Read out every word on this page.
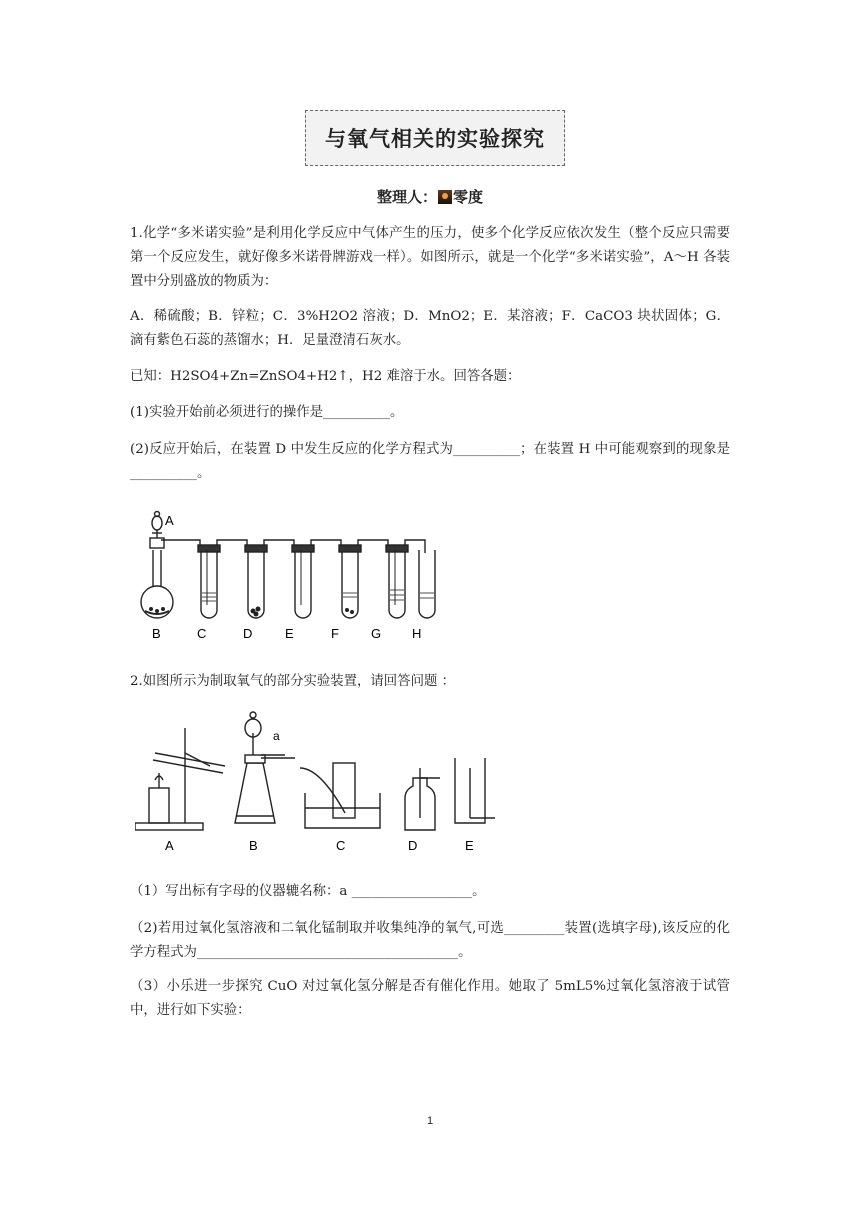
与氧气相关的实验探究
整理人： 零度
1.化学“多米诺实验”是利用化学反应中气体产生的压力，使多个化学反应依次发生（整个反应只需要第一个反应发生，就好像多米诺骨牌游戏一样）。如图所示，就是一个化学“多米诺实验”，A～H 各装置中分别盛放的物质为：
A．稀硫酸；B．锌粒；C．3%H2O2 溶液；D．MnO2；E．某溶液；F．CaCO3 块状固体；G．滴有紫色石蕊的蒸馏水；H．足量澄清石灰水。
已知：H2SO4+Zn=ZnSO4+H2↑，H2 难溶于水。回答各题：
(1)实验开始前必须进行的操作是__________。
(2)反应开始后，在装置 D 中发生反应的化学方程式为__________；在装置 H 中可能观察到的现象是__________。
A
B	C	D	E	F G H
2.如图所示为制取氧气的部分实验装置，请回答问题 ：
a
A	B	C	D	E
（1）写出标有字母的仪器辘名称：a __________________。
（2)若用过氧化氢溶液和二氧化锰制取并收集纯净的氧气,可选_________装置(选填字母),该反应的化学方程式为_______________________________________。
（3）小乐进一步探究 CuO 对过氧化氢分解是否有催化作用。她取了 5mL5%过氧化氢溶液于试管中，进行如下实验：
1
